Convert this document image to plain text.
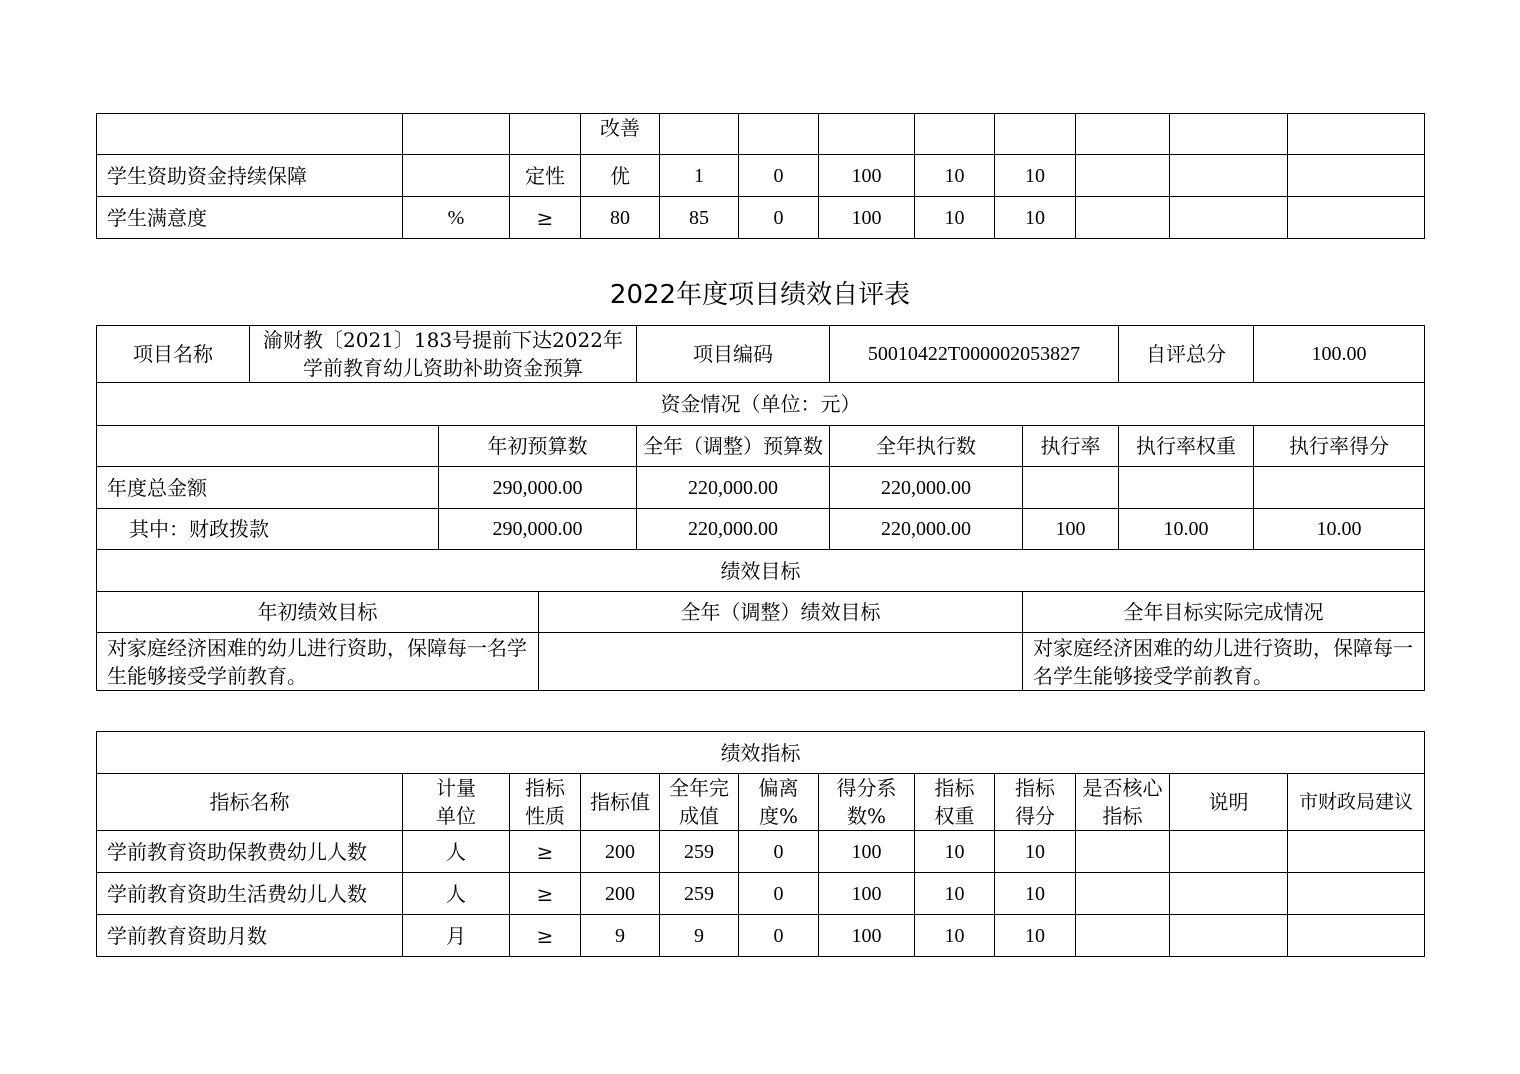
			改善								
学生资助资金持续保障		定性	优	1	0	100	10	10			
学生满意度	%	≥	80	85	0	100	10	10			
2022年度项目绩效自评表
项目名称	渝财教〔2021〕183号提前下达2022年学前教育幼儿资助补助资金预算			项目编码	50010422T000002053827		自评总分	100.00
资金情况（单位：元）								
		年初预算数		全年（调整）预算数	全年执行数	执行率	执行率权重	执行率得分
年度总金额		290,000.00		220,000.00	220,000.00			
其中：财政拨款		290,000.00		220,000.00	220,000.00	100	10.00	10.00
绩效目标								
年初绩效目标			全年（调整）绩效目标			全年目标实际完成情况		
对家庭经济困难的幼儿进行资助，保障每一名学生能够接受学前教育。						对家庭经济困难的幼儿进行资助，保障每一名学生能够接受学前教育。		
绩效指标											
指标名称	计量单位	指标性质	指标值	全年完成值	偏离度%	得分系数%	指标权重	指标得分	是否核心指标	说明	市财政局建议
学前教育资助保教费幼儿人数	人	≥	200	259	0	100	10	10			
学前教育资助生活费幼儿人数	人	≥	200	259	0	100	10	10			
学前教育资助月数	月	≥	9	9	0	100	10	10			
